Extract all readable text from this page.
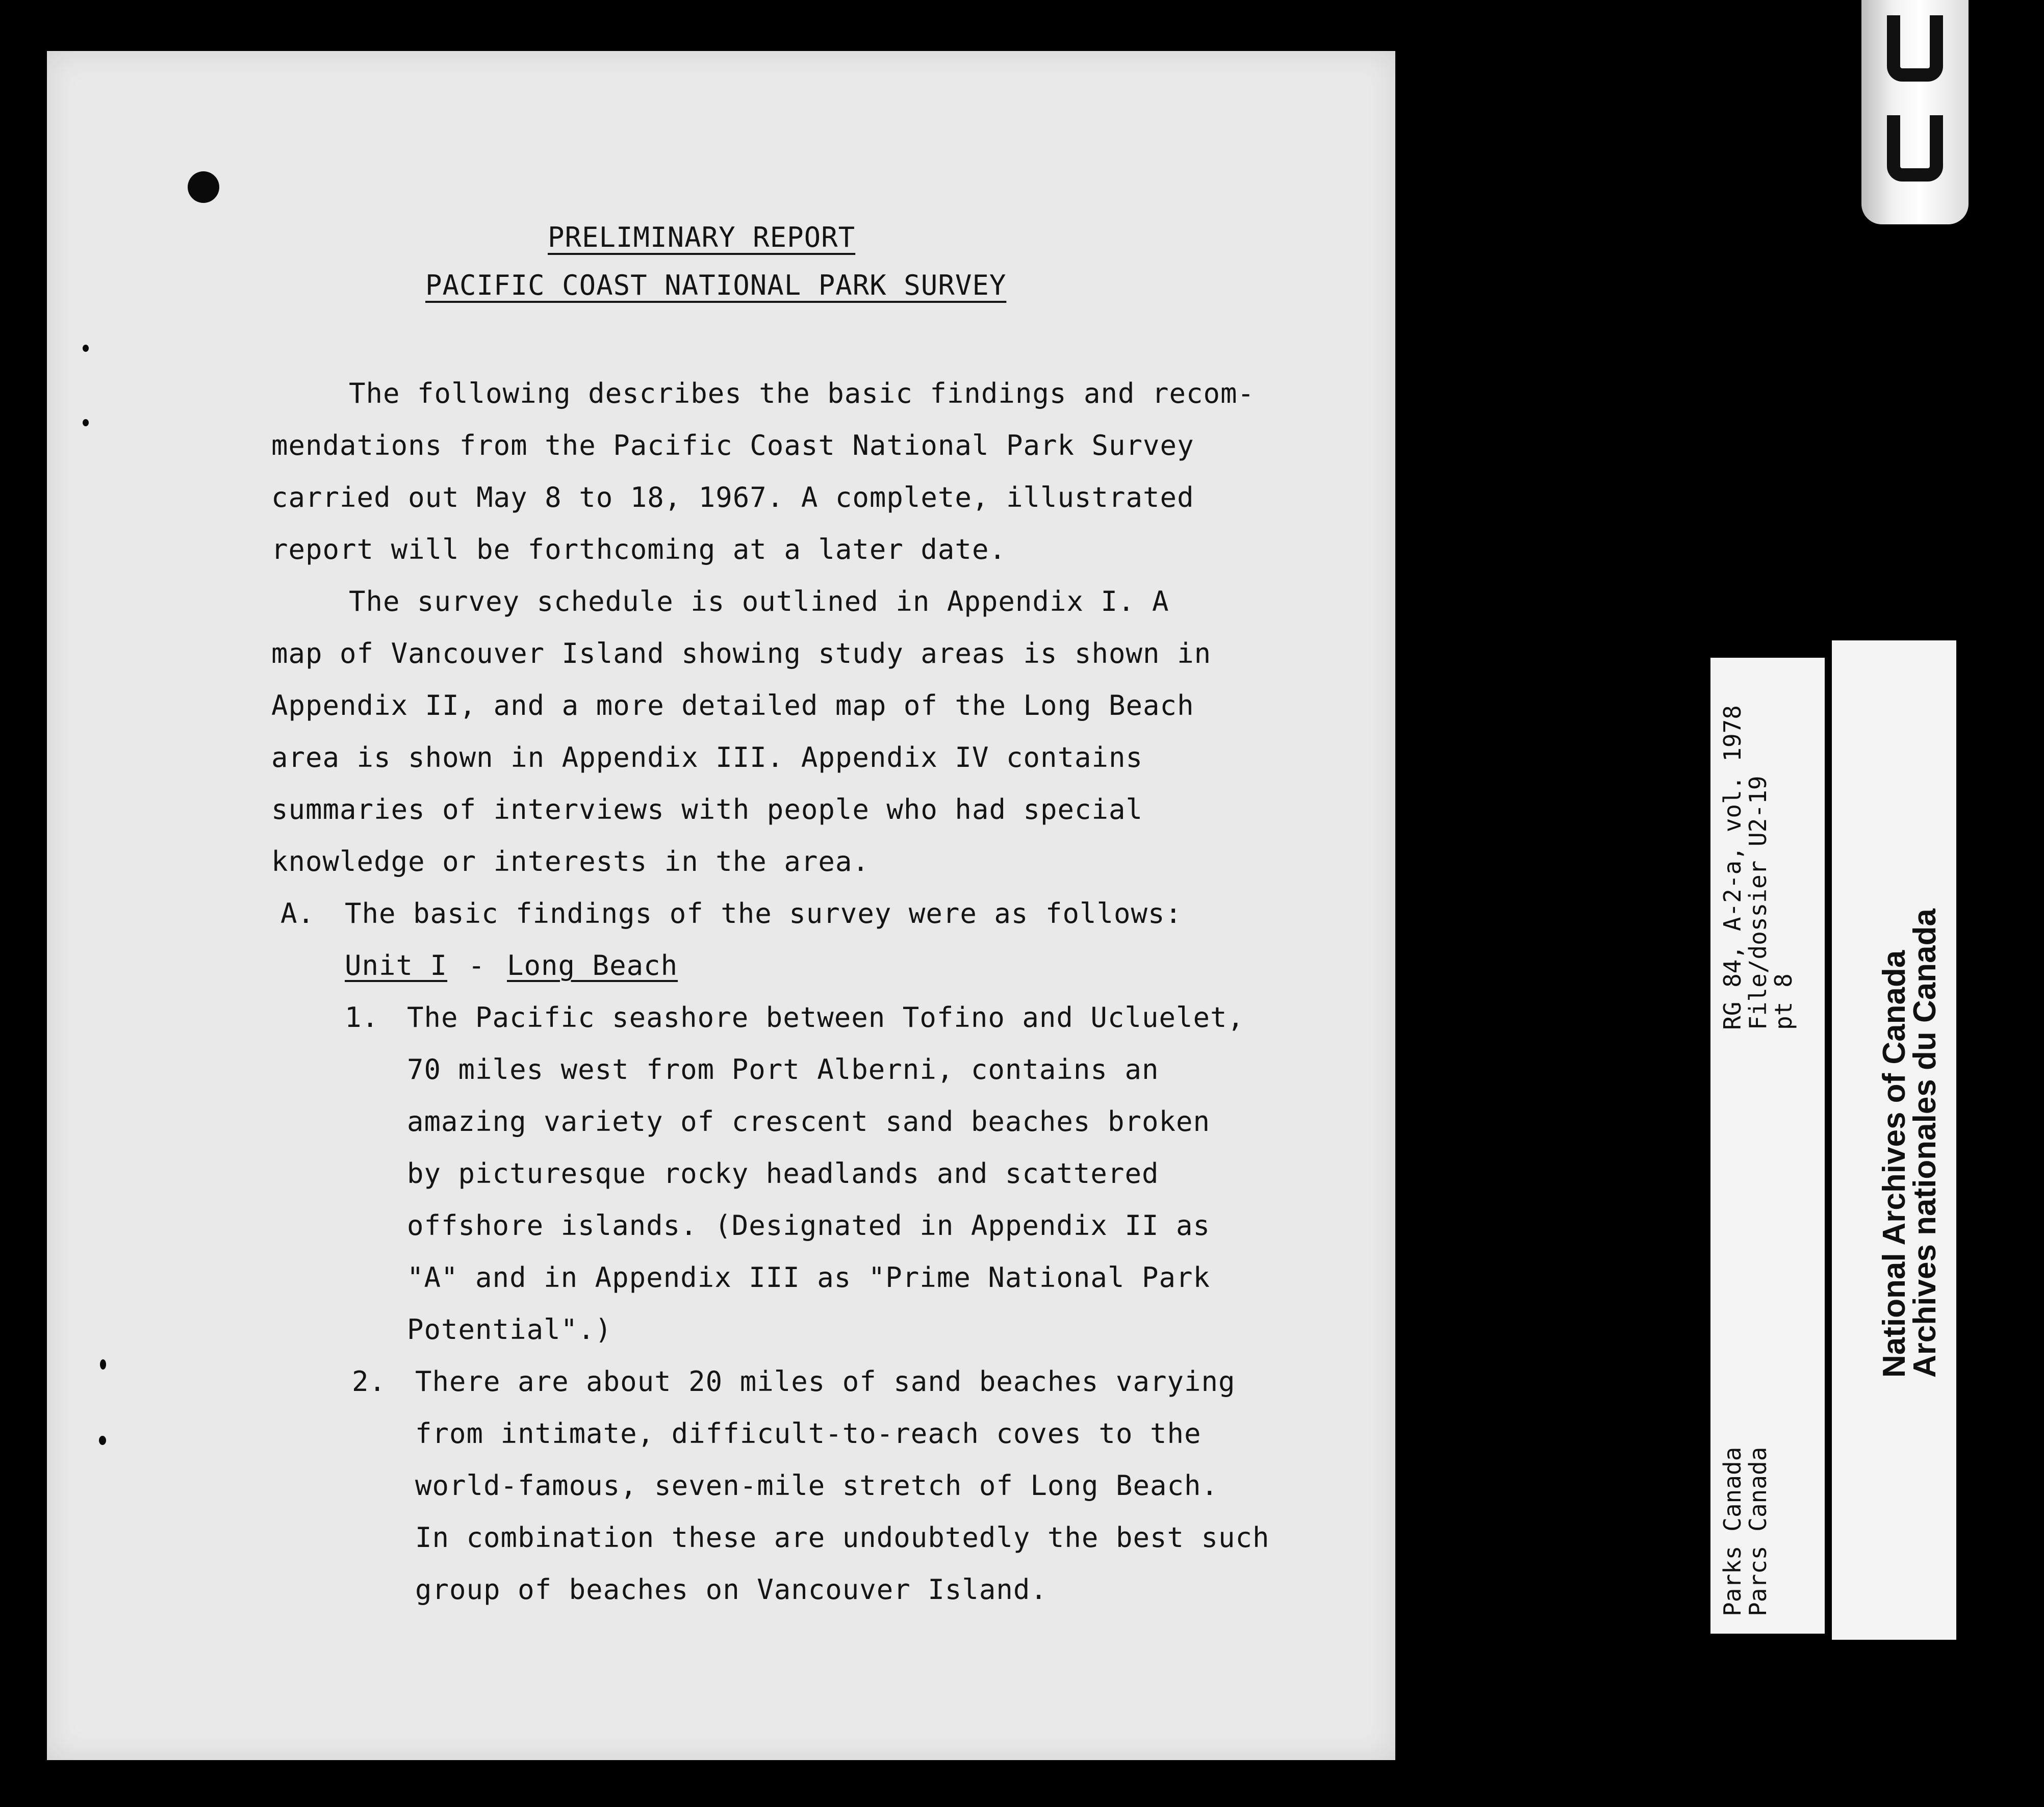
PRELIMINARY REPORT
PACIFIC COAST NATIONAL PARK SURVEY
The following describes the basic findings and recom-
mendations from the Pacific Coast National Park Survey
carried out May 8 to 18, 1967. A complete, illustrated
report will be forthcoming at a later date.
The survey schedule is outlined in Appendix I. A
map of Vancouver Island showing study areas is shown in
Appendix II, and a more detailed map of the Long Beach
area is shown in Appendix III. Appendix IV contains
summaries of interviews with people who had special
knowledge or interests in the area.
A. The basic findings of the survey were as follows:
Unit I - Long Beach
1. The Pacific seashore between Tofino and Ucluelet,
70 miles west from Port Alberni, contains an
amazing variety of crescent sand beaches broken
by picturesque rocky headlands and scattered
offshore islands. (Designated in Appendix II as
"A" and in Appendix III as "Prime National Park
Potential".)
2. There are about 20 miles of sand beaches varying
from intimate, difficult-to-reach coves to the
world-famous, seven-mile stretch of Long Beach.
In combination these are undoubtedly the best such
group of beaches on Vancouver Island.
RG 84, A-2-a, vol. 1978
File/dossier U2-19
pt 8
Parks Canada
Parcs Canada
National Archives of Canada
Archives nationales du Canada
